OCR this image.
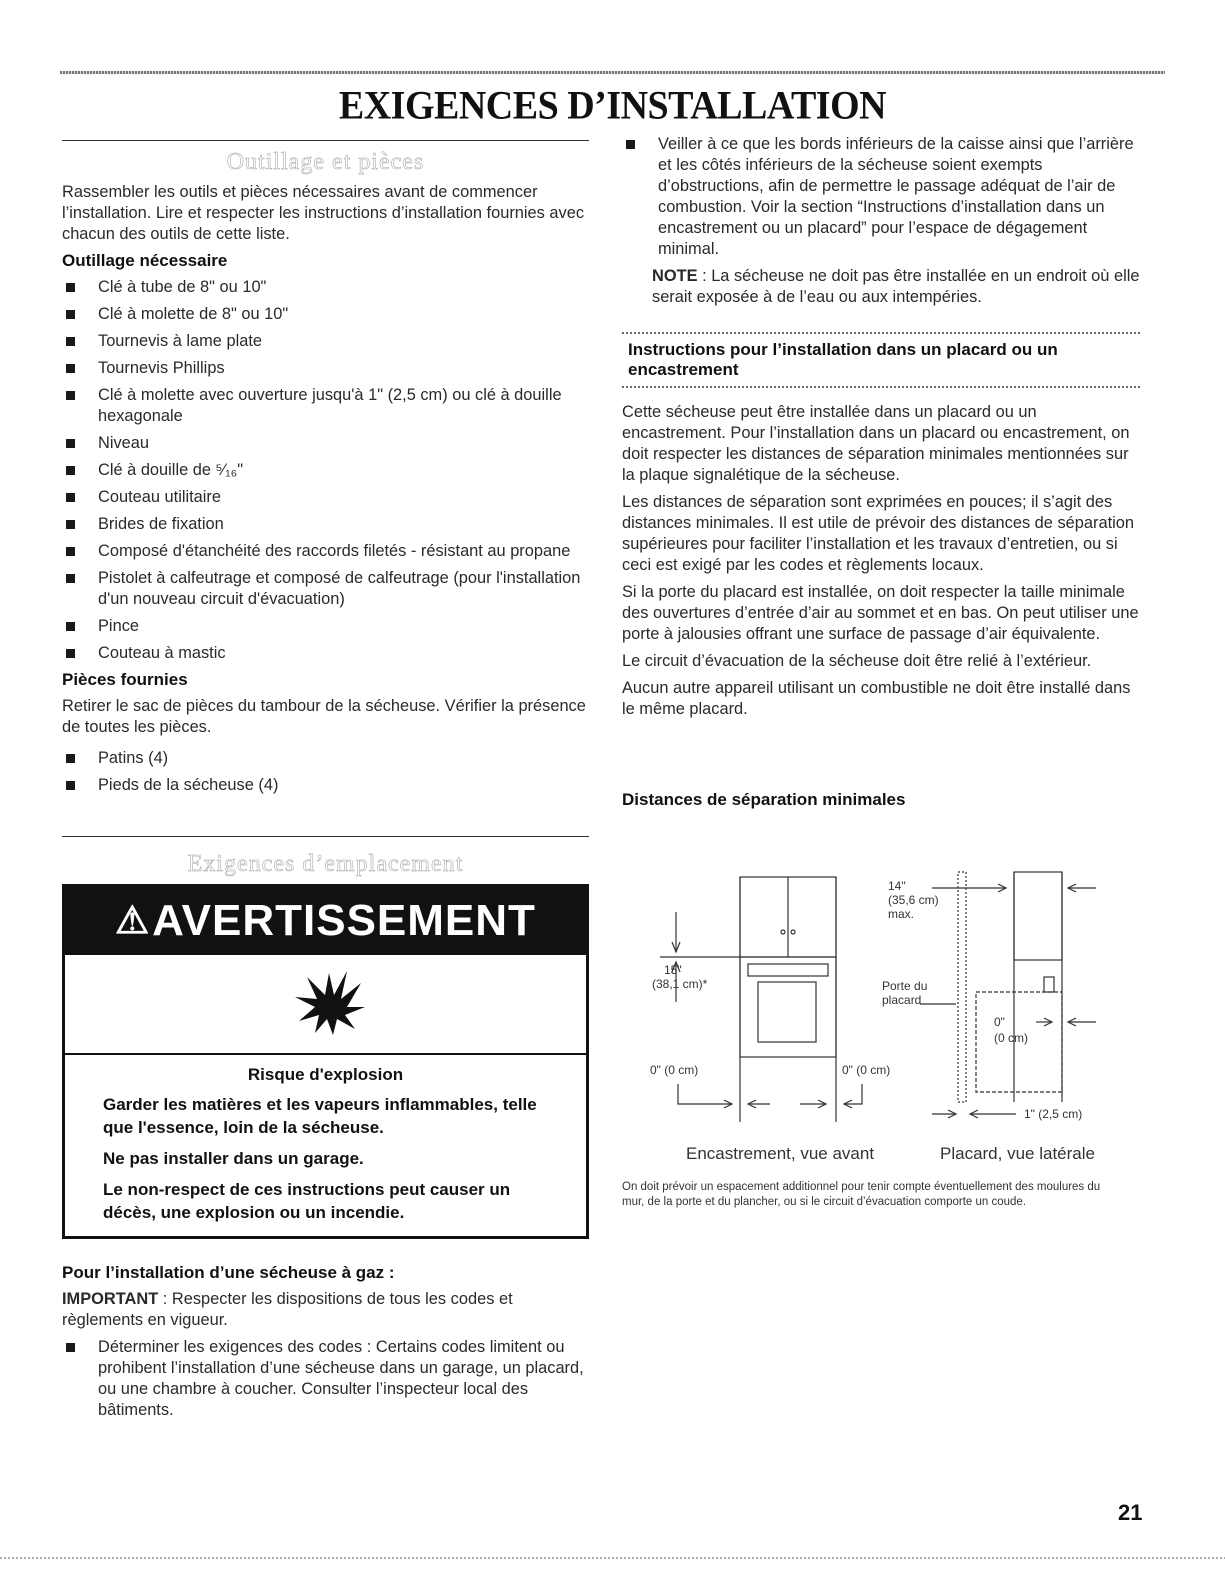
EXIGENCES D’INSTALLATION
Outillage et pièces

Rassembler les outils et pièces nécessaires avant de commencer l’installation. Lire et respecter les instructions d’installation fournies avec chacun des outils de cette liste.

Outillage nécessaire
Clé à tube de 8" ou 10"
Clé à molette de 8" ou 10"
Tournevis à lame plate
Tournevis Phillips
Clé à molette avec ouverture jusqu'à 1" (2,5 cm) ou clé à douille hexagonale
Niveau
Clé à douille de ⁵⁄₁₆"
Couteau utilitaire
Brides de fixation
Composé d'étanchéité des raccords filetés - résistant au propane
Pistolet à calfeutrage et composé de calfeutrage (pour l'installation d'un nouveau circuit d'évacuation)
Pince
Couteau à mastic
Pièces fournies

Retirer le sac de pièces du tambour de la sécheuse. Vérifier la présence de toutes les pièces.

Patins (4)
Pieds de la sécheuse (4)
Exigences d’emplacement
⚠AVERTISSEMENT
Risque d'explosion
Garder les matières et les vapeurs inflammables, telle que l'essence, loin de la sécheuse.
Ne pas installer dans un garage.
Le non-respect de ces instructions peut causer un décès, une explosion ou un incendie.
Pour l’installation d’une sécheuse à gaz :

IMPORTANT : Respecter les dispositions de tous les codes et règlements en vigueur.

Déterminer les exigences des codes : Certains codes limitent ou prohibent l’installation d’une sécheuse dans un garage, un placard, ou une chambre à coucher. Consulter l’inspecteur local des bâtiments.
Veiller à ce que les bords inférieurs de la caisse ainsi que l’arrière et les côtés inférieurs de la sécheuse soient exempts d’obstructions, afin de permettre le passage adéquat de l’air de combustion. Voir la section “Instructions d’installation dans un encastrement ou un placard” pour l’espace de dégagement minimal.

NOTE : La sécheuse ne doit pas être installée en un endroit où elle serait exposée à de l’eau ou aux intempéries.

Instructions pour l’installation dans un placard ou un encastrement

Cette sécheuse peut être installée dans un placard ou un encastrement. Pour l’installation dans un placard ou encastrement, on doit respecter les distances de séparation minimales mentionnées sur la plaque signalétique de la sécheuse.

Les distances de séparation sont exprimées en pouces; il s’agit des distances minimales. Il est utile de prévoir des distances de séparation supérieures pour faciliter l’installation et les travaux d’entretien, ou si ceci est exigé par les codes et règlements locaux.

Si la porte du placard est installée, on doit respecter la taille minimale des ouvertures d’entrée d’air au sommet et en bas. On peut utiliser une porte à jalousies offrant une surface de passage d’air équivalente.

Le circuit d’évacuation de la sécheuse doit être relié à l’extérieur.

Aucun autre appareil utilisant un combustible ne doit être installé dans le même placard.

Distances de séparation minimales
15"
(38,1 cm)*
0" (0 cm)	0" (0 cm)
14"
(35,6 cm)
max.
Porte du
placard
0"
(0 cm)
1" (2,5 cm)
Encastrement, vue avant	Placard, vue latérale
On doit prévoir un espacement additionnel pour tenir compte éventuellement des moulures du mur, de la porte et du plancher, ou si le circuit d’évacuation comporte un coude.
21
